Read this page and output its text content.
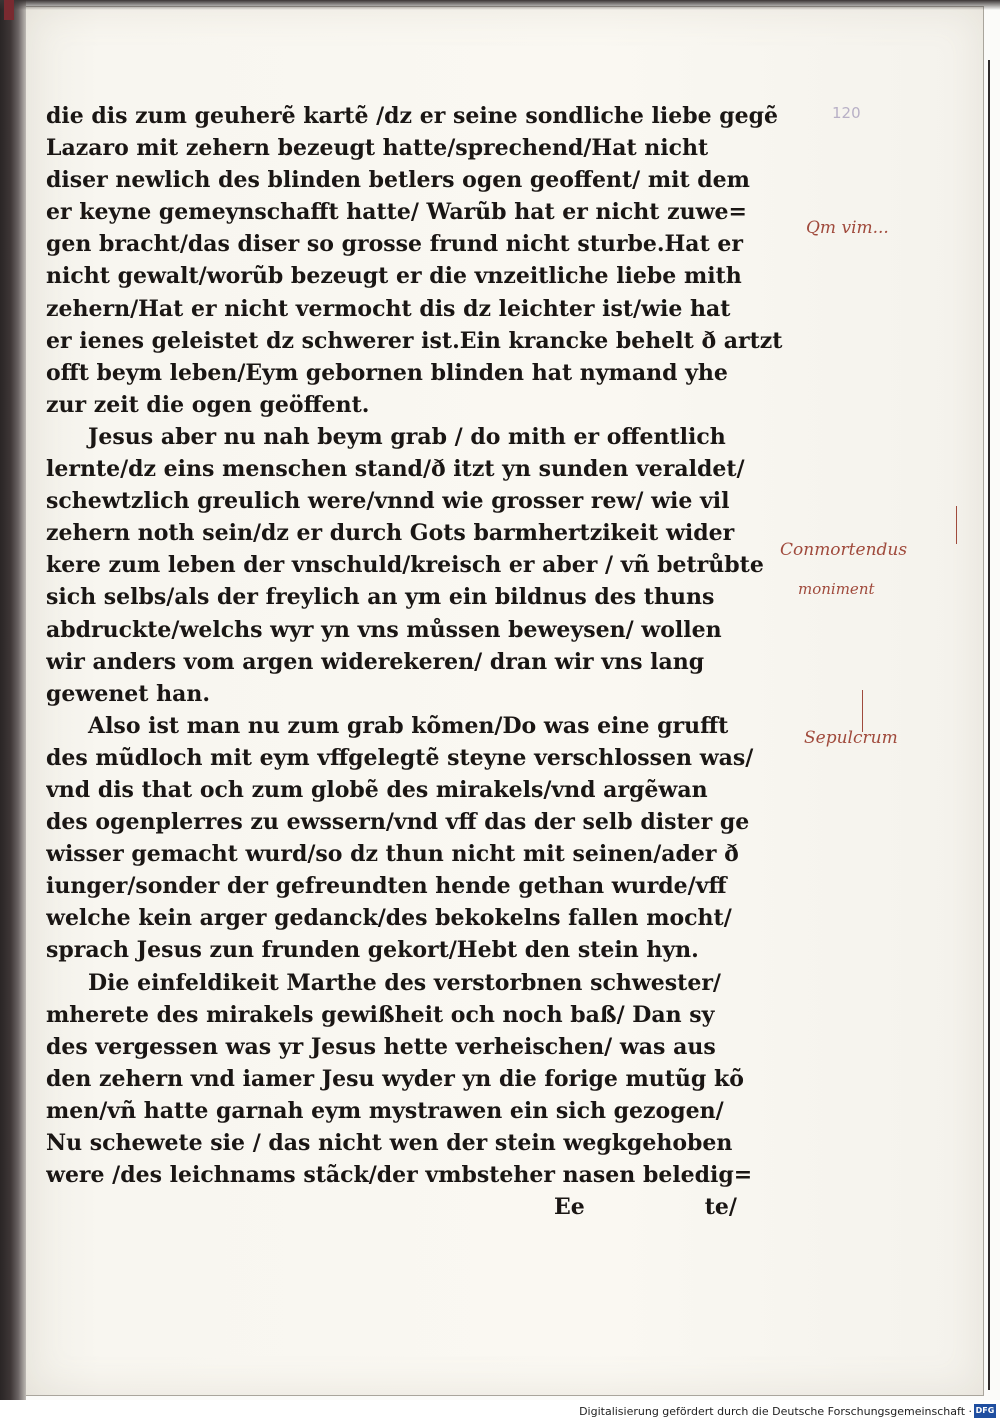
120
die dis zum geuherẽ kartẽ /dz er seine sondliche liebe gegẽ
Lazaro mit zehern bezeugt hatte/sprechend/Hat nicht
diser newlich des blinden betlers ogen geoffent/ mit dem
er keyne gemeynschafft hatte/ Warũb hat er nicht zuwe=
gen bracht/das diser so grosse frund nicht sturbe.Hat er
nicht gewalt/worũb bezeugt er die vnzeitliche liebe mith
zehern/Hat er nicht vermocht dis dz leichter ist/wie hat
er ienes geleistet dz schwerer ist.Ein krancke behelt ð artzt
offt beym leben/Eym gebornen blinden hat nymand yhe
zur zeit die ogen geöffent.
Jesus aber nu nah beym grab / do mith er offentlich
lernte/dz eins menschen stand/ð itzt yn sunden veraldet/
schewtzlich greulich were/vnnd wie grosser rew/ wie vil
zehern noth sein/dz er durch Gots barmhertzikeit wider
kere zum leben der vnschuld/kreisch er aber / vñ betrůbte
sich selbs/als der freylich an ym ein bildnus des thuns
abdruckte/welchs wyr yn vns můssen beweysen/ wollen
wir anders vom argen widerekeren/ dran wir vns lang
gewenet han.
Also ist man nu zum grab kõmen/Do was eine grufft
des mũdloch mit eym vffgelegtẽ steyne verschlossen was/
vnd dis that och zum globẽ des mirakels/vnd argẽwan
des ogenplerres zu ewssern/vnd vff das der selb dister ge
wisser gemacht wurd/so dz thun nicht mit seinen/ader ð
iunger/sonder der gefreundten hende gethan wurde/vff
welche kein arger gedanck/des bekokelns fallen mocht/
sprach Jesus zun frunden gekort/Hebt den stein hyn.
Die einfeldikeit Marthe des verstorbnen schwester/
mherete des mirakels gewißheit och noch baß/ Dan sy
des vergessen was yr Jesus hette verheischen/ was aus
den zehern vnd iamer Jesu wyder yn die forige mutũg kõ
men/vñ hatte garnah eym mystrawen ein sich gezogen/
Nu schewete sie / das nicht wen der stein wegkgehoben
were /des leichnams stãck/der vmbsteher nasen beledig=
Ee	te/
Qm vim...
Conmortendus
moniment
Sepulcrum
Digitalisierung gefördert durch die Deutsche Forschungsgemeinschaft · DFG
